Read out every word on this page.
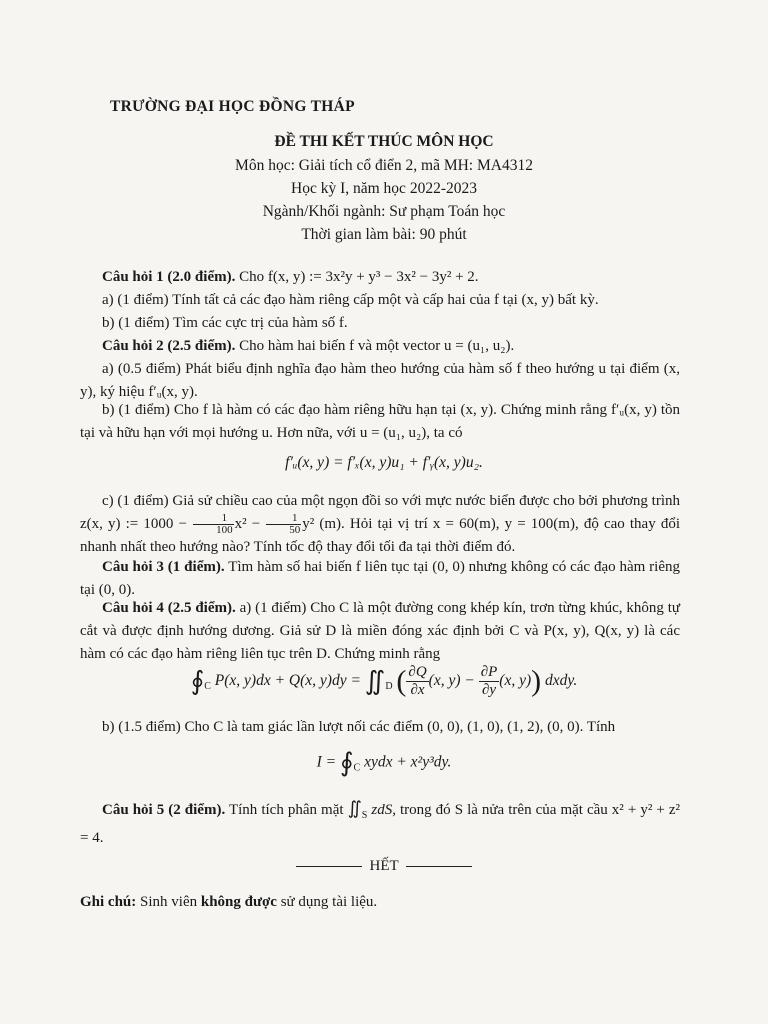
TRƯỜNG ĐẠI HỌC ĐỒNG THÁP
ĐỀ THI KẾT THÚC MÔN HỌC
Môn học: Giải tích cổ điển 2, mã MH: MA4312
Học kỳ I, năm học 2022-2023
Ngành/Khối ngành: Sư phạm Toán học
Thời gian làm bài: 90 phút
Câu hỏi 1 (2.0 điểm). Cho f(x, y) := 3x²y + y³ − 3x² − 3y² + 2.
a) (1 điểm) Tính tất cả các đạo hàm riêng cấp một và cấp hai của f tại (x, y) bất kỳ.
b) (1 điểm) Tìm các cực trị của hàm số f.
Câu hỏi 2 (2.5 điểm). Cho hàm hai biến f và một vector u = (u₁, u₂).
a) (0.5 điểm) Phát biểu định nghĩa đạo hàm theo hướng của hàm số f theo hướng u tại điểm (x, y), ký hiệu f′ᵤ(x, y).
b) (1 điểm) Cho f là hàm có các đạo hàm riêng hữu hạn tại (x, y). Chứng minh rằng f′ᵤ(x, y) tồn tại và hữu hạn với mọi hướng u. Hơn nữa, với u = (u₁, u₂), ta có
f′ᵤ(x, y) = f′ₓ(x, y)u₁ + f′ᵧ(x, y)u₂.
c) (1 điểm) Giả sử chiều cao của một ngọn đồi so với mực nước biển được cho bởi phương trình z(x, y) := $1000 - \frac{1}{100} x^2 - \frac{1}{50} y^2$ (m). Hỏi tại vị trí x = 60(m), y = 100(m), độ cao thay đổi nhanh nhất theo hướng nào? Tính tốc độ thay đổi tối đa tại thời điểm đó.
Câu hỏi 3 (1 điểm). Tìm hàm số hai biến f liên tục tại (0, 0) nhưng không có các đạo hàm riêng tại (0, 0).
Câu hỏi 4 (2.5 điểm). a) (1 điểm) Cho C là một đường cong khép kín, trơn từng khúc, không tự cắt và được định hướng dương. Giả sử D là miền đóng xác định bởi C và P(x, y), Q(x, y) là các hàm có các đạo hàm riêng liên tục trên D. Chứng minh rằng
$∮_C$ P(x, y)dx + Q(x, $y)dy = ∬_D$ ( $\frac{\partial Q}{\partial x} (x$, $y) - \frac{\partial P}{\partial y} (x$, y)) dxdy.
b) (1.5 điểm) Cho C là tam giác lần lượt nối các điểm (0, 0), (1, 0), (1, 2), (0, 0). Tính
$I = ∮_C$ xydx + x²y³dy.
Câu hỏi 5 (2 điểm). Tính tích phân mặt $∬_S$ zdS, trong đó S là nửa trên của mặt cầu x² + y² + z² = 4.
HẾT
Ghi chú: Sinh viên không được sử dụng tài liệu.
